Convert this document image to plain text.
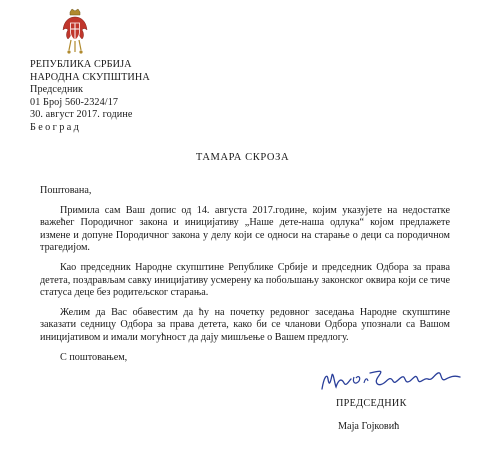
РЕПУБЛИКА СРБИЈА
НАРОДНА СКУПШТИНА
Председник
01 Број 560-2324/17
30. август 2017. године
Београд
ТАМАРА СКРОЗА

Поштована,

Примила сам Ваш допис од 14. августа 2017.године, којим указујете на недостатке важећег Породичног закона и иницијативу „Наше дете-наша одлука“ којом предлажете измене и допуне Породичног закона у делу који се односи на старање о деци са породичном трагедијом.

Као председник Народне скупштине Републике Србије и председник Одбора за права детета, поздрављам савку иницијативу усмерену ка побољшању законског оквира који се тиче статуса деце без родитељског старања.

Желим да Вас обавестим да ћу на почетку редовног заседања Народне скупштине заказати седницу Одбора за права детета, како би се чланови Одбора упознали са Вашом иницијативом и имали могућност да дају мишљење о Вашем предлогу.

С поштовањем,

ПРЕДСЕДНИК
Маја Гојковић
